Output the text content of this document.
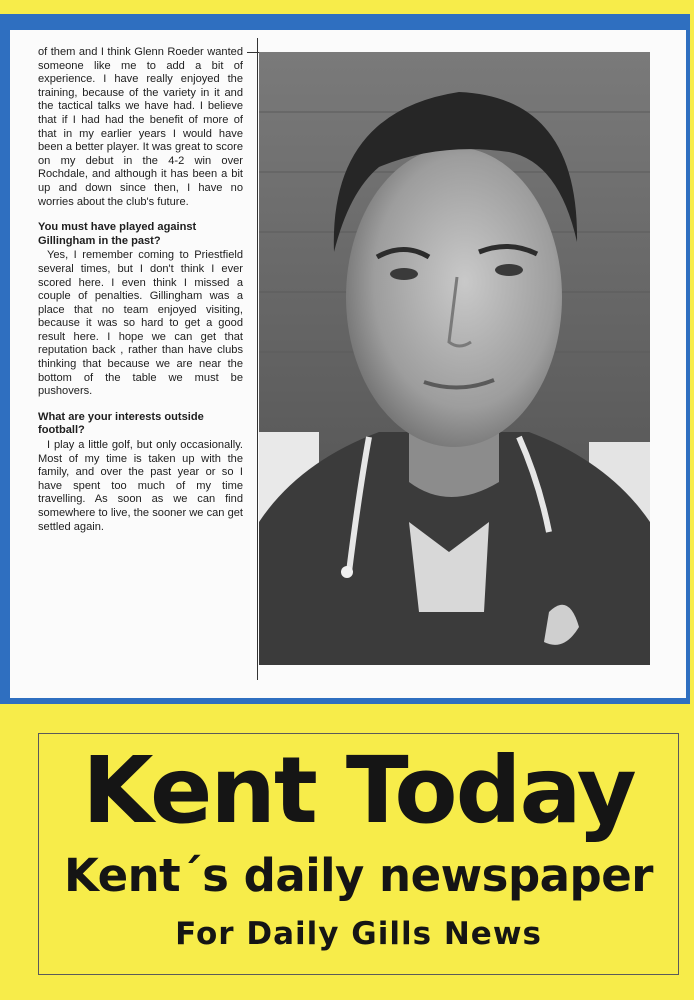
of them and I think Glenn Roeder wanted someone like me to add a bit of experience. I have really enjoyed the training, because of the variety in it and the tactical talks we have had. I believe that if I had had the benefit of more of that in my earlier years I would have been a better player. It was great to score on my debut in the 4-2 win over Rochdale, and although it has been a bit up and down since then, I have no worries about the club's future.

You must have played against Gillingham in the past?

Yes, I remember coming to Priestfield several times, but I don't think I ever scored here. I even think I missed a couple of penalties. Gillingham was a place that no team enjoyed visiting, because it was so hard to get a good result here. I hope we can get that reputation back , rather than have clubs thinking that because we are near the bottom of the table we must be pushovers.

What are your interests outside football?

I play a little golf, but only occasionally. Most of my time is taken up with the family, and over the past year or so I have spent too much of my time travelling. As soon as we can find somewhere to live, the sooner we can get settled again.

Kent Today
Kent´s daily newspaper
For Daily Gills News
